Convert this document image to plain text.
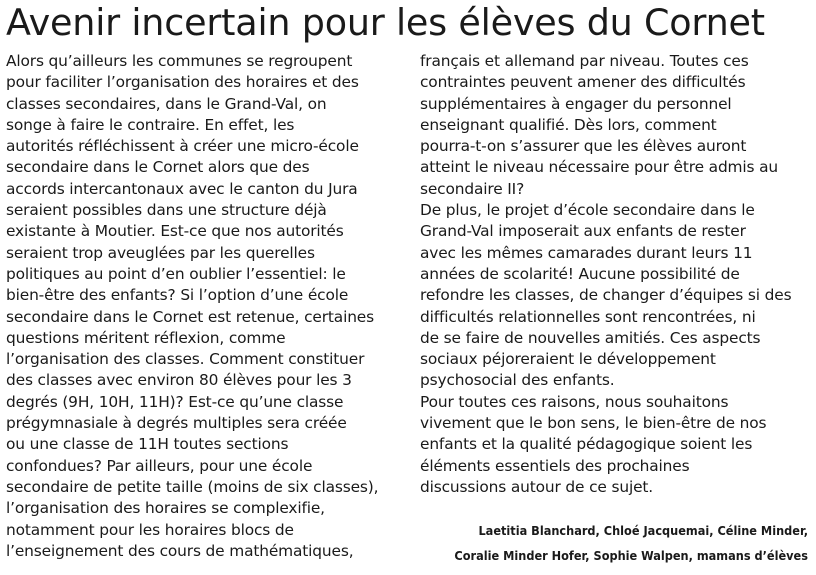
Avenir incertain pour les élèves du Cornet
Alors qu’ailleurs les communes se regroupent
pour faciliter l’organisation des horaires et des
classes secondaires, dans le Grand-Val, on
songe à faire le contraire. En effet, les
autorités réfléchissent à créer une micro-école
secondaire dans le Cornet alors que des
accords intercantonaux avec le canton du Jura
seraient possibles dans une structure déjà
existante à Moutier. Est-ce que nos autorités
seraient trop aveuglées par les querelles
politiques au point d’en oublier l’essentiel: le
bien-être des enfants? Si l’option d’une école
secondaire dans le Cornet est retenue, certaines
questions méritent réflexion, comme
l’organisation des classes. Comment constituer
des classes avec environ 80 élèves pour les 3
degrés (9H, 10H, 11H)? Est-ce qu’une classe
prégymnasiale à degrés multiples sera créée
ou une classe de 11H toutes sections
confondues? Par ailleurs, pour une école
secondaire de petite taille (moins de six classes),
l’organisation des horaires se complexifie,
notamment pour les horaires blocs de
l’enseignement des cours de mathématiques,
français et allemand par niveau. Toutes ces
contraintes peuvent amener des difficultés
supplémentaires à engager du personnel
enseignant qualifié. Dès lors, comment
pourra-t-on s’assurer que les élèves auront
atteint le niveau nécessaire pour être admis au
secondaire II?
De plus, le projet d’école secondaire dans le
Grand-Val imposerait aux enfants de rester
avec les mêmes camarades durant leurs 11
années de scolarité! Aucune possibilité de
refondre les classes, de changer d’équipes si des
difficultés relationnelles sont rencontrées, ni
de se faire de nouvelles amitiés. Ces aspects
sociaux péjoreraient le développement
psychosocial des enfants.
Pour toutes ces raisons, nous souhaitons
vivement que le bon sens, le bien-être de nos
enfants et la qualité pédagogique soient les
éléments essentiels des prochaines
discussions autour de ce sujet.
Laetitia Blanchard, Chloé Jacquemai, Céline Minder,
Coralie Minder Hofer, Sophie Walpen, mamans d’élèves
